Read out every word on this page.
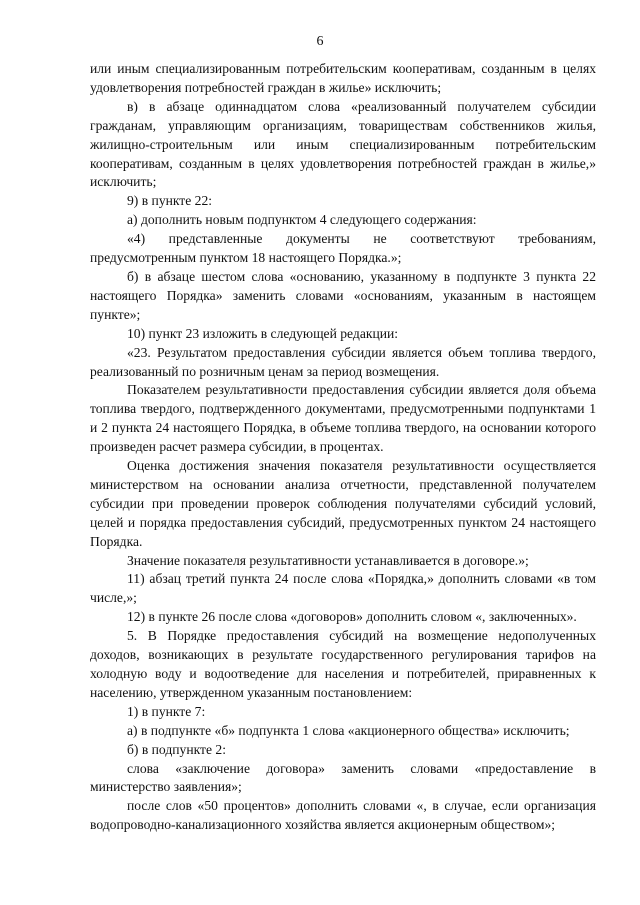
6

или иным специализированным потребительским кооперативам, созданным в целях удовлетворения потребностей граждан в жилье» исключить;

в) в абзаце одиннадцатом слова «реализованный получателем субсидии гражданам, управляющим организациям, товариществам собственников жилья, жилищно-строительным или иным специализированным потребительским кооперативам, созданным в целях удовлетворения потребностей граждан в жилье,» исключить;

9) в пункте 22:

а) дополнить новым подпунктом 4 следующего содержания:

«4) представленные документы не соответствуют требованиям, предусмотренным пунктом 18 настоящего Порядка.»;

б) в абзаце шестом слова «основанию, указанному в подпункте 3 пункта 22 настоящего Порядка» заменить словами «основаниям, указанным в настоящем пункте»;

10) пункт 23 изложить в следующей редакции:

«23. Результатом предоставления субсидии является объем топлива твердого, реализованный по розничным ценам за период возмещения.

Показателем результативности предоставления субсидии является доля объема топлива твердого, подтвержденного документами, предусмотренными подпунктами 1 и 2 пункта 24 настоящего Порядка, в объеме топлива твердого, на основании которого произведен расчет размера субсидии, в процентах.

Оценка достижения значения показателя результативности осуществляется министерством на основании анализа отчетности, представленной получателем субсидии при проведении проверок соблюдения получателями субсидий условий, целей и порядка предоставления субсидий, предусмотренных пунктом 24 настоящего Порядка.

Значение показателя результативности устанавливается в договоре.»;

11) абзац третий пункта 24 после слова «Порядка,» дополнить словами «в том числе,»;

12) в пункте 26 после слова «договоров» дополнить словом «, заключенных».

5. В Порядке предоставления субсидий на возмещение недополученных доходов, возникающих в результате государственного регулирования тарифов на холодную воду и водоотведение для населения и потребителей, приравненных к населению, утвержденном указанным постановлением:

1) в пункте 7:

а) в подпункте «б» подпункта 1 слова «акционерного общества» исключить;

б) в подпункте 2:

слова «заключение договора» заменить словами «предоставление в министерство заявления»;

после слов «50 процентов» дополнить словами «, в случае, если организация водопроводно-канализационного хозяйства является акционерным обществом»;
